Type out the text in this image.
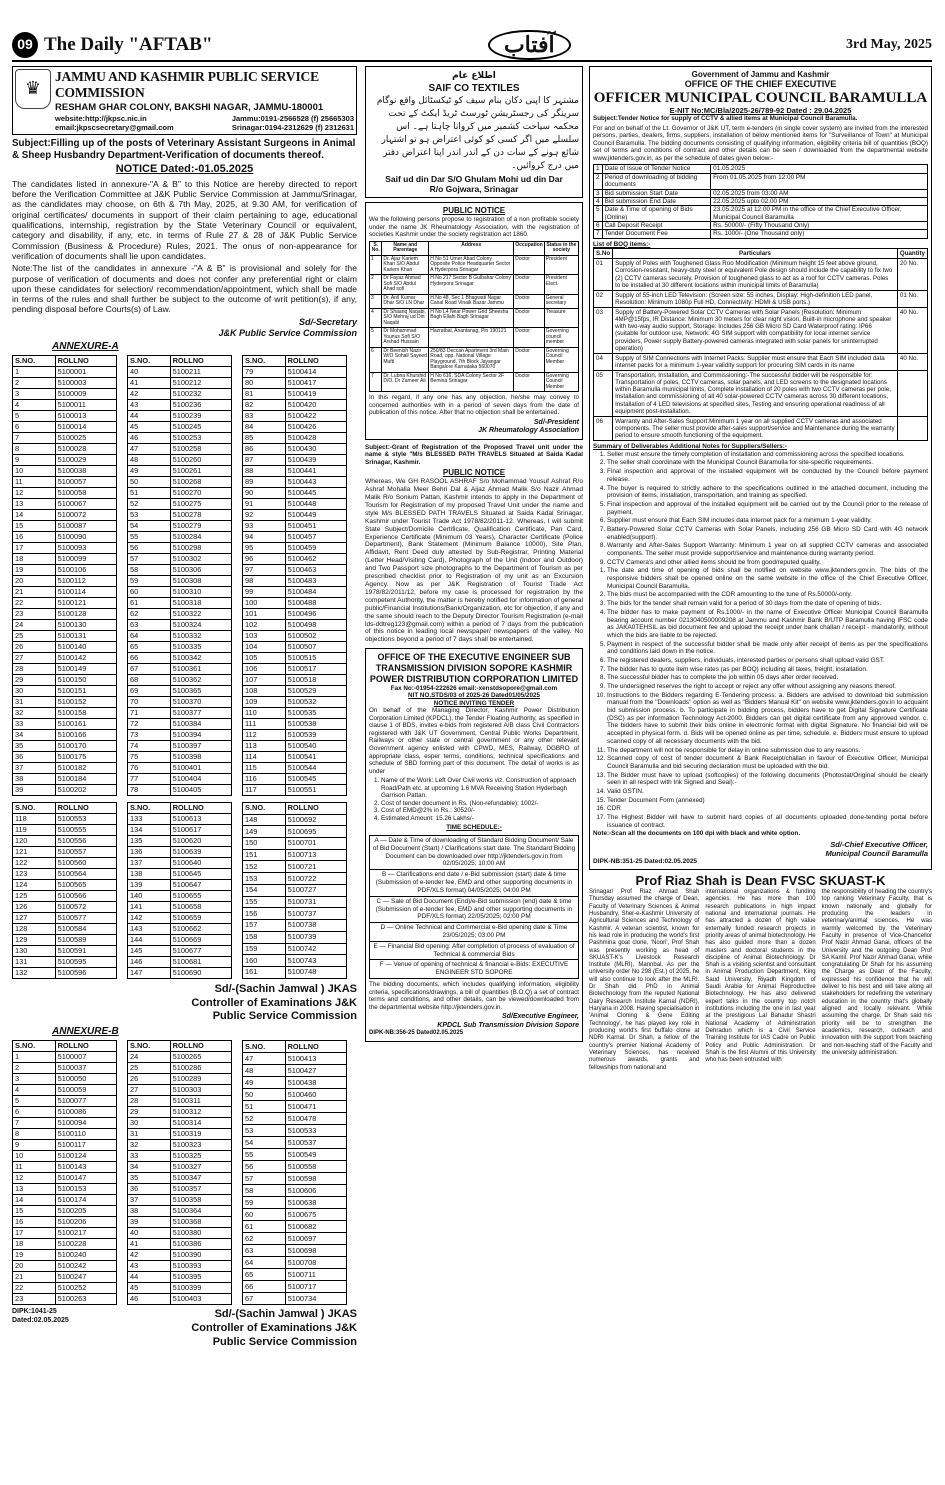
09 The Daily "AFTAB"	آفتاب	3rd May, 2025
♛
JAMMU AND KASHMIR PUBLIC SERVICE COMMISSION
RESHAM GHAR COLONY, BAKSHI NAGAR, JAMMU-180001
website:http://jkpsc.nic.in	Jammu:0191-2566528 (f) 25665303
email:jkpscsecretary@gmail.com	Srinagar:0194-2312629 (f) 2312631
Subject:Filling up of the posts of Veterinary Assistant Surgeons in Animal & Sheep Husbandry Department-Verification of documents thereof.
NOTICE Dated:-01.05.2025

The candidates listed in annexure-"A & B" to this Notice are hereby directed to report before the Verification Committee at J&K Public Service Commission at Jammu/Srinagar, as the candidates may choose, on 6th & 7th May, 2025, at 9.30 AM, for verification of original certificates/ documents in support of their claim pertaining to age, educational qualifications, internship, registration by the State Veterinary Council or equivalent, category and disability, if any, etc. in terms of Rule 27 & 28 of J&K Public Service Commission (Business & Procedure) Rules, 2021. The onus of non-appearance for verification of documents shall lie upon candidates.

Note:The list of the candidates in annexure -"A & B" is provisional and solely for the purpose of verification of documents and does not confer any preferential right or claim upon these candidates for selection/ recommendation/appointment, which shall be made in terms of the rules and shall further be subject to the outcome of writ petition(s), if any, pending disposal before Courts(s) of Law.

Sd/-Secretary
J&K Public Service Commission
ANNEXURE-A
S.NO.	ROLLNO
1	5100001
2	5100003
3	5100009
4	5100011
5	5100013
6	5100014
7	5100025
8	5100028
9	5100029
10	5100038
11	5100057
12	5100058
13	5100067
14	5100072
15	5100087
16	5100090
17	5100093
18	5100099
19	5100106
20	5100112
21	5100114
22	5100121
23	5100128
24	5100130
25	5100131
26	5100140
27	5100142
28	5100149
29	5100150
30	5100151
31	5100152
32	5100158
33	5100161
34	5100166
35	5100170
36	5100175
37	5100182
38	5100184
39	5100202
S.NO.	ROLLNO
40	5100211
41	5100212
42	5100232
43	5100236
44	5100239
45	5100245
46	5100253
47	5100258
48	5100260
49	5100261
50	5100268
51	5100270
52	5100275
53	5100278
54	5100279
55	5100284
56	5100298
57	5100302
58	5100306
59	5100308
60	5100310
61	5100318
62	5100322
63	5100324
64	5100332
65	5100335
66	5100342
67	5100361
68	5100362
69	5100365
70	5100370
71	5100377
72	5100384
73	5100394
74	5100397
75	5100398
76	5100401
77	5100404
78	5100405
S.NO.	ROLLNO
79	5100414
80	5100417
81	5100419
82	5100420
83	5100422
84	5100426
85	5100428
86	5100430
87	5100439
88	5100441
89	5100443
90	5100445
91	5100448
92	5100449
93	5100451
94	5100457
95	5100459
96	5100462
97	5100463
98	5100483
99	5100484
100	5100488
101	5100496
102	5100498
103	5100502
104	5100507
105	5100515
106	5100517
107	5100518
108	5100529
109	5100532
110	5100535
111	5100538
112	5100539
113	5100540
114	5100541
115	5100544
116	5100545
117	5100551
S.NO.	ROLLNO
118	5100553
119	5100555
120	5100556
121	5100557
122	5100560
123	5100564
124	5100565
125	5100566
126	5100572
127	5100577
128	5100584
129	5100589
130	5100591
131	5100595
132	5100596
S.NO.	ROLLNO
133	5100613
134	5100617
135	5100620
136	5100639
137	5100640
138	5100645
139	5100647
140	5100655
141	5100658
142	5100659
143	5100662
144	5100669
145	5100677
146	5100681
147	5100690
S.NO.	ROLLNO
148	5100692
149	5100695
150	5100701
151	5100713
152	5100721
153	5100722
154	5100727
155	5100731
156	5100737
157	5100738
158	5100739
159	5100742
160	5100743
161	5100748
Sd/-(Sachin Jamwal ) JKAS
Controller of Examinations J&K
Public Service Commission
ANNEXURE-B
S.NO.	ROLLNO
1	5100007
2	5100037
3	5100050
4	5100059
5	5100077
6	5100086
7	5100094
8	5100110
9	5100117
10	5100124
11	5100143
12	5100147
13	5100153
14	5100174
15	5100205
16	5100206
17	5100217
18	5100228
19	5100240
20	5100242
21	5100247
22	5100252
23	5100263
S.NO.	ROLLNO
24	5100265
25	5100286
26	5100289
27	5100303
28	5100311
29	5100312
30	5100314
31	5100319
32	5100323
33	5100325
34	5100327
35	5100347
36	5100357
37	5100358
38	5100364
39	5100368
40	5100380
41	5100386
42	5100390
43	5100393
44	5100395
45	5100399
46	5100403
S.NO.	ROLLNO
47	5100413
48	5100427
49	5100438
50	5100460
51	5100471
52	5100478
53	5100533
54	5100537
55	5100549
56	5100558
57	5100598
58	5100606
59	5100638
60	5100675
61	5100682
62	5100697
63	5100698
64	5100708
65	5100711
66	5100717
67	5100734
DIPK:1041-25
Dated:02.05.2025
Sd/-(Sachin Jamwal ) JKAS
Controller of Examinations J&K
Public Service Commission
اطلاع عام
SAIF CO TEXTILES
مشتہر کا اپنی دکان بنام سیف کو ٹیکسٹائل واقع نوگام سرینگر کی رجسٹریشن ٹورسٹ ٹریڈ ایکٹ کے تحت محکمہ سیاحت کشمیر میں کروانا چاہتا ہے۔ اس سلسلے میں اگر کسی کو کوئی اعتراض ہو تو اشتہار شائع ہونے کے سات دن کے اندر اندر اپنا اعتراض دفتر میں درج کروائیں۔
Saif ud din Dar S/O Ghulam Mohi ud din Dar
R/o Gojwara, Srinagar
PUBLIC NOTICE

We the following persons propose to registration of a non profitable society under the name JK Rheumatology Association, with the registration of societies Kashmir under the society registration act 1860.

S. No.	Name and Parentage	Address	Occupation	Status in the society
1	Dr. Ajaz Kariem Khan S/O Abdul Kariem Khan	H No 51 Umer Abad Colony Opposite Police Headquarter Sector A Hyderpora Srinagar	Doctor	President
2	Dr Fayaz Ahmad Sofi S/O Abdul Ahad sofi	H.No 217 Sector B Gulbahar Colony Hyderpora Srinagar	Doctor	President Elect.
3	Dr. Anil Kumar Dhar S/O LN Dhar	H.No 48, Sec 1 Bhagwati Nagar Canal Road Vinaik Bazar Jammu	Doctor	General secretary
4	Dr Shaariq Naqabi, S/O Mehraj ud Din Naqabi	H No L4 Near Power Grid Sheesha Bagh Ellahi Bagh Srinagar	Doctor	Treasure
5	Dr Mohammad Younus Sofi S/O Arshad Hussain	Hazratbal, Anantanag, Pin 190121	Doctor	Governing council member
6	Dr Beenish Nazir W/O Sohail Sayeed Mufti	250/83 Deccan Apartment 3rd Main Road, opp. National Village Playground, 7th Block Jayangar Bangalore Karnataka 560070	Doctor	Governing Council Member
7	Dr. Lubna Khurshid D/O. Dr Zameer Ali	H No 616, SDA Colony Sector 2F Bemina Srinagar	Doctor	Governing Council Member

In this regard, if any one has any objection, he/she may convey to concerned authorities with in a period of seven days from the date of publication of this notice. After that no objection shall be entertained.

Sd/-President
JK Rheumatology Association

Subject:-Grant of Registration of the Proposed Travel unit under the name & style "M/s BLESSED PATH TRAVELS Situated at Saida Kadal Srinagar, Kashmir.

PUBLIC NOTICE

Whereas, We GH RASOOL ASHRAF S/o Mohammad Yousuf Ashraf R/o Ashraf Mohalla Meer Behri Dal & Aijaz Ahmad Malik S/o Nazir Ahmad Malik R/o Sonium Pattan, Kashmir intends to apply in the Department of Tourism for Registration of my proposed Travel Unit under the name and style M/s BLESSED PATH TRAVELS Situated at Saida Kadal Srinagar, Kashmir under Tourist Trade Act 1978/82/2011-12. Whereas, I will submit State Subject/Domicile Certificate, Qualification Certificate, Pan Card, Experience Certificate (Minimum 03 Years), Character Certificate (Police Department), Bank Statement (Minimum Balance 10000), Site Plan, Affidavit, Rent Deed duly attested by Sub-Registrar, Printing Material (Letter Head/Visiting Card), Photograph of the Unit (Indoor and Outdoor) and Two Passport size photographs to the Department of Tourism as per prescribed checklist prior to Registration of my unit as an Excursion Agency. Now as per J&K Registration of Tourist Trade Act 1978/82/2011/12, before my case is processed for registration by the competent Authority, the matter is hereby notified for information of general public/Financial Institutions/Bank/Organization, etc for objection, if any and the same should reach to the Deputy Director Tourism Registration (e-mail lds-ddtreg123@gmail.com) within a period of 7 days from the publication of this notice in leading local newspaper/ newspapers of the valley. No objections beyond a period of 7 days shall be entertained.

OFFICE OF THE EXECUTIVE ENGINEER SUB TRANSMISSION DIVISION SOPORE KASHMIR POWER DISTRIBUTION CORPORATION LIMITED
Fax No:-01954-222626 email:-xenstdsopore@gmail.com
NIT NO.STDS/03 of 2025-26 Dated01/05/2025
NOTICE INVITING TENDER

On behalf of the Managing Director, Kashmir Power Distribution Corporation Limited (KPDCL), the Tender Floating Authority, as specified in clause 1 of BDS, invites e-bids from registered A/B class Civil Contractors registered with J&K UT Government, Central Public Works Department, Railways or other state or central government or any other relevant Government agency enlisted with CPWD, MES, Railway, DGBRO of appropriate class, esper terms, conditions, technical specifications and schedule of SBD forming part of this document. The detail of works is as under

1. Name of the Work: Left Over Civil works viz. Construction of approach Road/Path etc. at upcoming 1.6 MVA Receiving Station Hyderbagh Garrison Pattan.
2. Cost of tender document in Rs. (Non-refundable): 1002/-
3. Cost of EMD@2% in Rs.: 30520/-
4. Estimated Amount: 15.26 Lakhs/-
TIME SCHEDULE:-
A — Date & Time of downloading of Standard Bidding Document/ Sale of Bid Document (Start) / Clarifications start date. The Standard Bidding Document can be downloaded over http://jktenders.gov.in from 02/05/2025; 10:00 AM
B — Clarifications end date / e-Bid submission (start) date & time (Submission of e-tender fee, EMD and other supporting documents in PDF/XLS format) 04/05/2025; 04:00 PM
C — Sale of Bid Document (End)/e-Bid submission (end) date & time (Submission of e-tender fee, EMD and other supporting documents in PDF/XLS format) 22/05/2025; 02:00 PM
D — Online Technical and Commercial e-Bid opening date & Time 23/05/2025; 03:00 PM
E — Financial Bid opening: After completion of process of evaluation of Technical & commercial Bids
F — Venue of opening of technical & financial e-Bids: EXECUTIVE ENGINEER STD SOPORE

The bidding documents, which includes qualifying information, eligibility criteria, specifications/drawings, a bill of quantities (B.O.Q) a set of contract terms and conditions, and other details, can be viewed/downloaded from the departmental website http://jktenders.gov.in.

Sd/Executive Engineer,
KPDCL Sub Transmission Division Sopore
DIPK-NB:356-25 Dated02.05.2025
Government of Jammu and Kashmir
OFFICE OF THE CHIEF EXECUTIVE
OFFICER MUNICIPAL COUNCIL BARAMULLA
E-NIT No:MC/Bla/2025-26/789-92 Dated : 29.04.2025

Subject:Tender Notice for supply of CCTV & allied items at Municipal Council Baramulla.

For and on behalf of the Lt. Governor of J&K UT, term e-tenders (in single cover system) are invited from the interested persons, parties, dealers, firms, suppliers, installation of below mentioned items for "Surveillance of Town" at Municipal Council Baramulla. The bidding documents consisting of qualifying information, eligibility criteria bill of quantities (BOQ) set of terms and conditions of contract and other details can be seen / downloaded from the departmental website www.jktenders.gov.in, as per the schedule of dates given below:-

1	Date of Issue of Tender Notice	01.05.2025
2	Period of downloading of bidding documents	From 01.05.2025 from 12:00 PM
3	Bid submission Start Date	02.05.2025 from 03:00 AM
4	Bid submission End Date	22.05.2025 upto 02.00 PM
5	Date & Time of opening of Bids (Online)	23.05.2025 at 12.00 PM in the office of the Chief Executive Officer, Municipal Council Baramulla
6	Call Deposit Receipt	Rs. 50000/- (Fifty Thousand Only)
7	Tender Document Fee	Rs. 1000/- (One Thousand only)
List of BOQ items:-
S.No	Particulars	Quantity
01	Supply of Poles with Toughened Glass Roo Modification (Minimum height 15 feet above ground, Corrosion-resistant, heavy-duty steel or equivalent Pole design should include the capability to fix two (2) CCTV cameras securely. Provision of toughened glass to act as a roof for CCTV cameras. Poles to be installed at 30 different locations within municipal limits of Baramulla)	20 No.
02	Supply of 55-inch LED Television: (Screen size: 55 inches, Display: High-definition LED panel, Resolution: Minimum 1080p Full HD, Connectivity: HDMI & USB ports.)	01 No.
03	Supply of Battery-Powered Solar CCTV Cameras with Solar Panels (Resolution: Minimum 4MP@15fps, IR Distance: Minimum 30 meters for clear night vision, Built-in microphone and speaker with two-way audio support, Storage: Includes 256 GB Micro SD Card Waterproof rating: IP66 (suitable for outdoor use, Network: 4G SIM support with compatibility for local internet service providers, Power supply Battery-powered cameras integrated with solar panels for uninterrupted operation)	40 No.
04	Supply of SIM Connections with Internet Packs: Supplier must ensure that Each SIM included data internet packs for a minimum 1-year validity support for procuring SIM cards in its name	40 No.
05	Transportation, Installation, and Commissioning:-The successful bidder will be responsible for: Transportation of poles, CCTV cameras, solar panels, and LED screens to the designated locations within Baramulla municipal limits, Complete installation of 20 poles with two CCTV cameras per pole, Installation and commissioning of all 40 solar-powered CCTV cameras across 30 different locations, Installation of 4 LED televisions at specified sites, Testing and ensuring operational readiness of all equipment post-installation.	
06	Warranty and After-Sales Support:Minimum 1 year on all supplied CCTV cameras and associated components. The seller must provide after-sales support/service and Maintenance during the warranty period to ensure smooth functioning of the equipment.	
Summary of Deliverables Additional Notes for Suppliers/Sellers:-
1. Seller must ensure the timely completion of installation and commissioning across the specified locations.
2. The seller shall coordinate with the Municipal Council Baramulla for site-specific requirements.
3. Final inspection and approval of the installed equipment will be conducted by the Council before payment release.
4. The buyer is required to strictly adhere to the specifications outlined in the attached document, including the provision of items, installation, transportation, and training as specified.
5. Final inspection and approval of the installed equipment will be carried out by the Council prior to the release of payment.
6. Supplier must ensure that Each SIM includes data internet pack for a minimum 1-year validity.
7. Battery-Powered Solar CCTV Cameras with Solar Panels, including 256 GB Micro SD Card with 4G network enabled(support).
8. Warranty and After-Sales Support Warranty: Minimum 1 year on all supplied CCTV cameras and associated components. The seller must provide support/service and maintenance during warranty period.
9. CCTV Camera's and other allied items should be from good/reputed quality.
1. The date and time of opening of bids shall be notified on website www.jktenders.gov.in. The bids of the responsive bidders shall be opened online on the same website in the office of the Chief Executive Officer, Municipal Council Baramulla.
2. The bids must be accompanied with the CDR amounting to the tune of Rs.50000/-only.
3. The bids for the tender shall remain valid for a period of 30 days from the date of opening of bids.
4. The bidder has to make payment of Rs.1000/- in the name of Executive Officer Municipal Council Baramulla bearing account number 0213040500009208 at Jammu and Kashmir Bank B/UTP Baramulla having IFSC code as JAKA0TEHSIL as bid document fee and upload the receipt under bank challan / receipt - mandatorily, without which the bids are liable to be rejected.
5. Payment in respect of the successful bidder shall be made only after receipt of items as per the specifications and conditions laid down in the notice.
6. The registered dealers, suppliers, individuals, interested parties or persons shall upload valid GST.
7. The bidder has to quote item wise rates (as per BOQ) including all taxes, freight, installation.
8. The successful bidder has to complete the job within 05 days after order received.
9. The undersigned reserves the right to accept or reject any offer without assigning any reasons thereof.
10. Instructions to the Bidders regarding E-Tendering process: a. Bidders are advised to download bid submission manual from the "Downloads" option as well as "Bidders Manual Kit" on website www.jktenders.gov.in to acquaint bid submission process. b. To participate in bidding process, bidders have to get Digital Signature Certificate (DSC) as per information Technology Act-2000. Bidders can get digital certificate from any approved vendor. c. The bidders have to submit their bids online in electronic format with digital Signature. No financial bid will be accepted in physical form. d. Bids will be opened online as per time, schedule. e. Bidders must ensure to upload scanned copy of all necessary documents with the bid.
11. The department will not be responsible for delay in online submission due to any reasons.
12. Scanned copy of cost of tender document & Bank Receipt/challan in favour of Executive Officer, Municipal Council Baramulla and bid securing declaration must be uploaded with the bid.
13. The Bidder must have to upload (softcopies) of the following documents (Photostat/Original should be clearly seen in all respect with Ink Signed and Seal):-
14. Valid GSTIN.
15. Tender Document Form (annexed)
16. CDR
17. The Highest Bidder will have to submit hard copies of all documents uploaded done-tending portal before issuance of contract.

Note:-Scan all the documents on 100 dpi with black and white option.

Sd/-Chief Executive Officer,
Municipal Council Baramulla
DIPK-NB:351-25 Dated:02.05.2025
Prof Riaz Shah is Dean FVSC SKUAST-K

Srinagar/ Prof Riaz Ahmad Shah Thursday assumed the charge of Dean, Faculty of Veterinary Sciences & Animal Husbandry, Sher-e-Kashmir University of Agricultural Sciences and Technology of Kashmir. A veteran scientist, known for his lead role in producing the world's first Pashmina goat clone, 'Noori', Prof Shah was presently working as head of SKUAST-K's Livestock Research Institute (MLRI), Mannbal. As per the university order No 298 (Est.) of 2025, he will also continue to look after the MLRI. Dr Shah did PhD in Animal Biotechnology from the reputed National Dairy Research Institute Karnal (NDRI), Haryana in 2008. Having specialisation in 'Animal Cloning & Gene Editing Technology', he has played key role in producing world's first buffalo clone at NDRI Karnal. Dr Shah, a fellow of the country's premier National Academy of Veterinary Sciences, has received numerous awards, grants and fellowships from national and

international organizations & funding agencies. He has more than 100 research publications in high impact national and international journals. He has attracted a dozen of high value externally funded research projects in priority areas of animal biotechnology. He has also guided more than a dozen masters and doctoral students in the discipline of Animal Biotechnology. Dr Shah is a visiting scientist and consultant in Animal Production Department, King Saud University, Riyadh Kingdom of Saudi Arabia for Animal Reproductive Biotechnology. He has also delivered expert talks in the country top notch institutions including the one in last year at the prestigious Lal Bahadur Shastri National Academy of Administration Dehradun which is a Civil Service Training Institute for IAS Cadre on Public Policy and Public Administration. Dr Shah is the first Alumni of this University who has been entrusted with

the responsibility of heading the country's top ranking Veterinary Faculty, that is known nationally and globally for producing the leaders in veterinary/animal sciences. He was warmly welcomed by the Veterinary Faculty in presence of Vice-Chancellor Prof Nazir Ahmad Ganai, officers of the University and the outgoing Dean Prof SA Kamil. Prof Nazir Ahmad Ganai, while congratulating Dr Shah for his assuming the Charge as Dean of the Faculty, expressed his confidence that he will deliver to his best and will take along all stakeholders for redefining the veterinary education in the country that's globally aligned and locally relevant. While assuming the charge, Dr Shah said his priority will be to strengthen the academics, research, outreach and innovation with the support from teaching and non-teaching staff of the Faculty and the university administration.
